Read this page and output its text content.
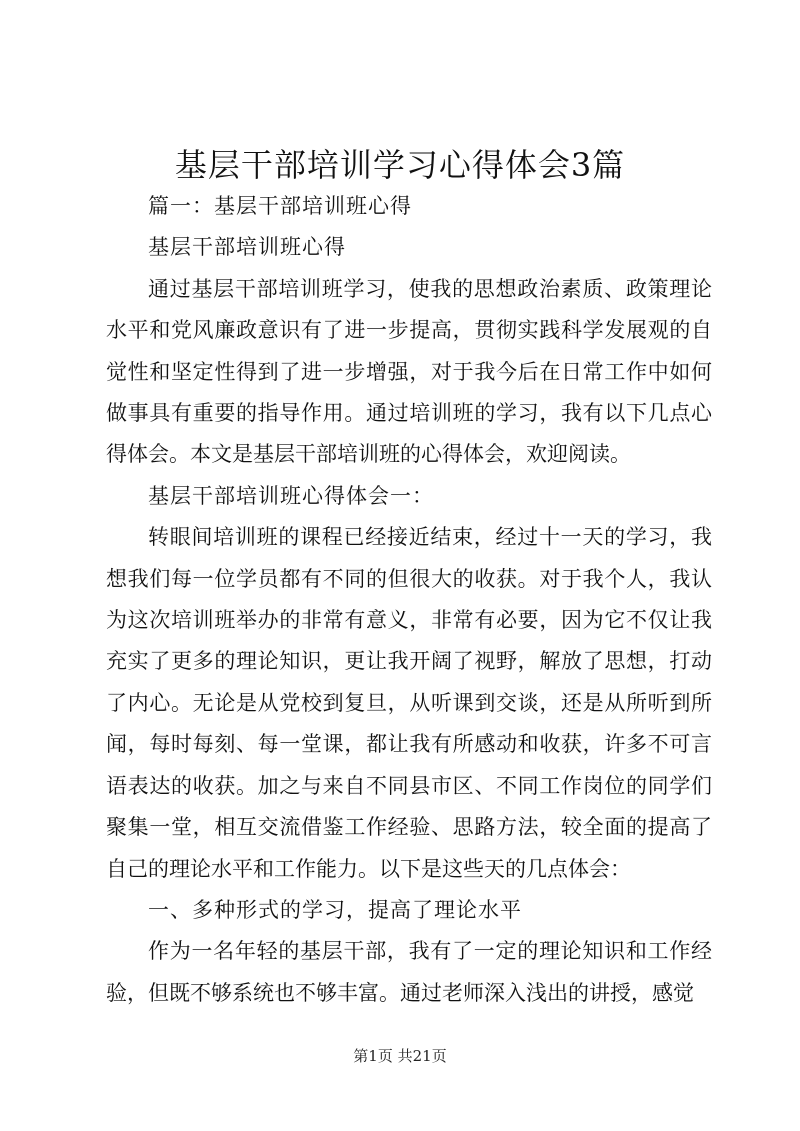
基层干部培训学习心得体会3篇

篇一：基层干部培训班心得

基层干部培训班心得

通过基层干部培训班学习，使我的思想政治素质、政策理论水平和党风廉政意识有了进一步提高，贯彻实践科学发展观的自觉性和坚定性得到了进一步增强，对于我今后在日常工作中如何做事具有重要的指导作用。通过培训班的学习，我有以下几点心得体会。本文是基层干部培训班的心得体会，欢迎阅读。

基层干部培训班心得体会一：

转眼间培训班的课程已经接近结束，经过十一天的学习，我想我们每一位学员都有不同的但很大的收获。对于我个人，我认为这次培训班举办的非常有意义，非常有必要，因为它不仅让我充实了更多的理论知识，更让我开阔了视野，解放了思想，打动了内心。无论是从党校到复旦，从听课到交谈，还是从所听到所闻，每时每刻、每一堂课，都让我有所感动和收获，许多不可言语表达的收获。加之与来自不同县市区、不同工作岗位的同学们聚集一堂，相互交流借鉴工作经验、思路方法，较全面的提高了自己的理论水平和工作能力。以下是这些天的几点体会：

一、多种形式的学习，提高了理论水平

作为一名年轻的基层干部，我有了一定的理论知识和工作经验，但既不够系统也不够丰富。通过老师深入浅出的讲授，感觉

第1页 共21页
